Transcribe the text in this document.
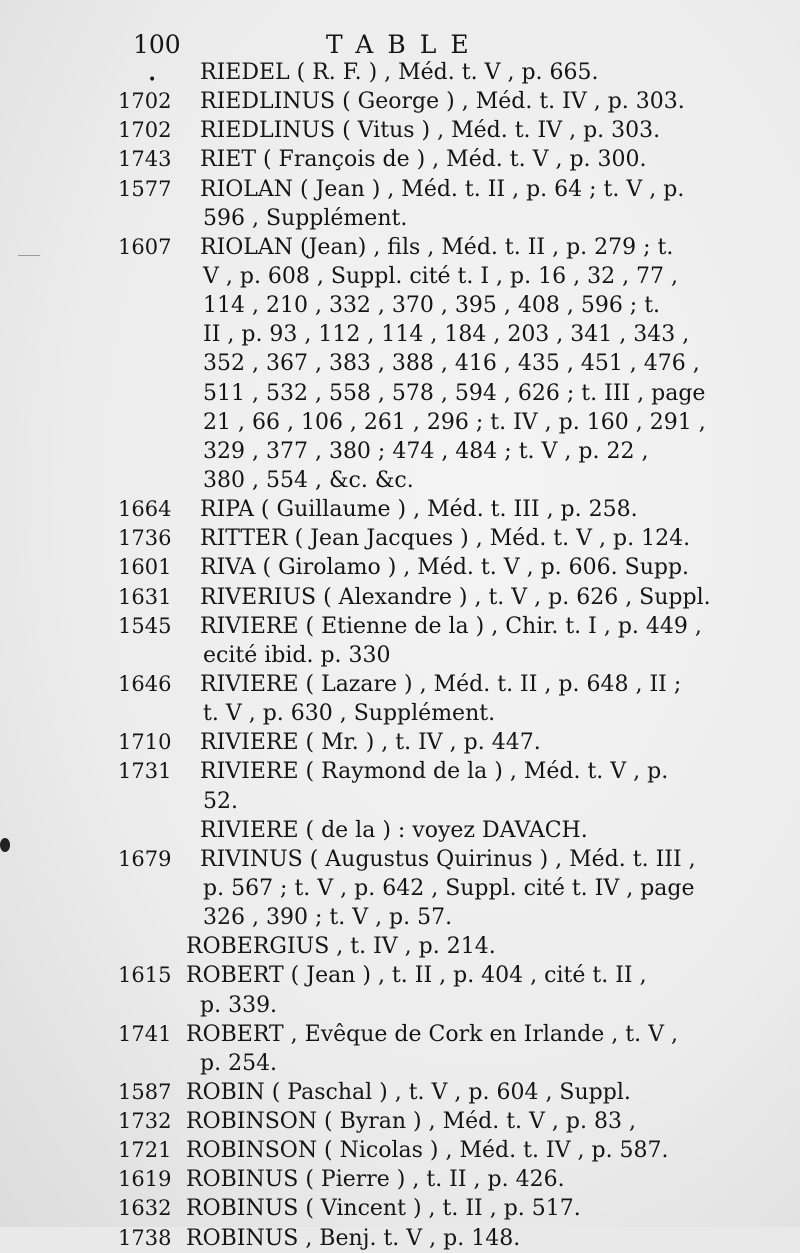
100	TABLE
• RIEDEL ( R. F. ) , Méd. t. V , p. 665.
1702 RIEDLINUS ( George ) , Méd. t. IV , p. 303.
1702 RIEDLINUS ( Vitus ) , Méd. t. IV , p. 303.
1743 RIET ( François de ) , Méd. t. V , p. 300.
1577 RIOLAN ( Jean ) , Méd. t. II , p. 64 ; t. V , p.
596 , Supplément.
1607 RIOLAN (Jean) , fils , Méd. t. II , p. 279 ; t.
V , p. 608 , Suppl. cité t. I , p. 16 , 32 , 77 ,
114 , 210 , 332 , 370 , 395 , 408 , 596 ; t.
II , p. 93 , 112 , 114 , 184 , 203 , 341 , 343 ,
352 , 367 , 383 , 388 , 416 , 435 , 451 , 476 ,
511 , 532 , 558 , 578 , 594 , 626 ; t. III , page
21 , 66 , 106 , 261 , 296 ; t. IV , p. 160 , 291 ,
329 , 377 , 380 ; 474 , 484 ; t. V , p. 22 ,
380 , 554 , &c. &c.
1664 RIPA ( Guillaume ) , Méd. t. III , p. 258.
1736 RITTER ( Jean Jacques ) , Méd. t. V , p. 124.
1601 RIVA ( Girolamo ) , Méd. t. V , p. 606. Supp.
1631 RIVERIUS ( Alexandre ) , t. V , p. 626 , Suppl.
1545 RIVIERE ( Etienne de la ) , Chir. t. I , p. 449 ,
ecité ibid. p. 330
1646 RIVIERE ( Lazare ) , Méd. t. II , p. 648 , II ;
t. V , p. 630 , Supplément.
1710 RIVIERE ( Mr. ) , t. IV , p. 447.
1731 RIVIERE ( Raymond de la ) , Méd. t. V , p.
52.
RIVIERE ( de la ) : voyez DAVACH.
1679 RIVINUS ( Augustus Quirinus ) , Méd. t. III ,
p. 567 ; t. V , p. 642 , Suppl. cité t. IV , page
326 , 390 ; t. V , p. 57.
ROBERGIUS , t. IV , p. 214.
1615 ROBERT ( Jean ) , t. II , p. 404 , cité t. II ,
p. 339.
1741 ROBERT , Evêque de Cork en Irlande , t. V ,
p. 254.
1587 ROBIN ( Paschal ) , t. V , p. 604 , Suppl.
1732 ROBINSON ( Byran ) , Méd. t. V , p. 83 ,
1721 ROBINSON ( Nicolas ) , Méd. t. IV , p. 587.
1619 ROBINUS ( Pierre ) , t. II , p. 426.
1632 ROBINUS ( Vincent ) , t. II , p. 517.
1738 ROBINUS , Benj. t. V , p. 148.
